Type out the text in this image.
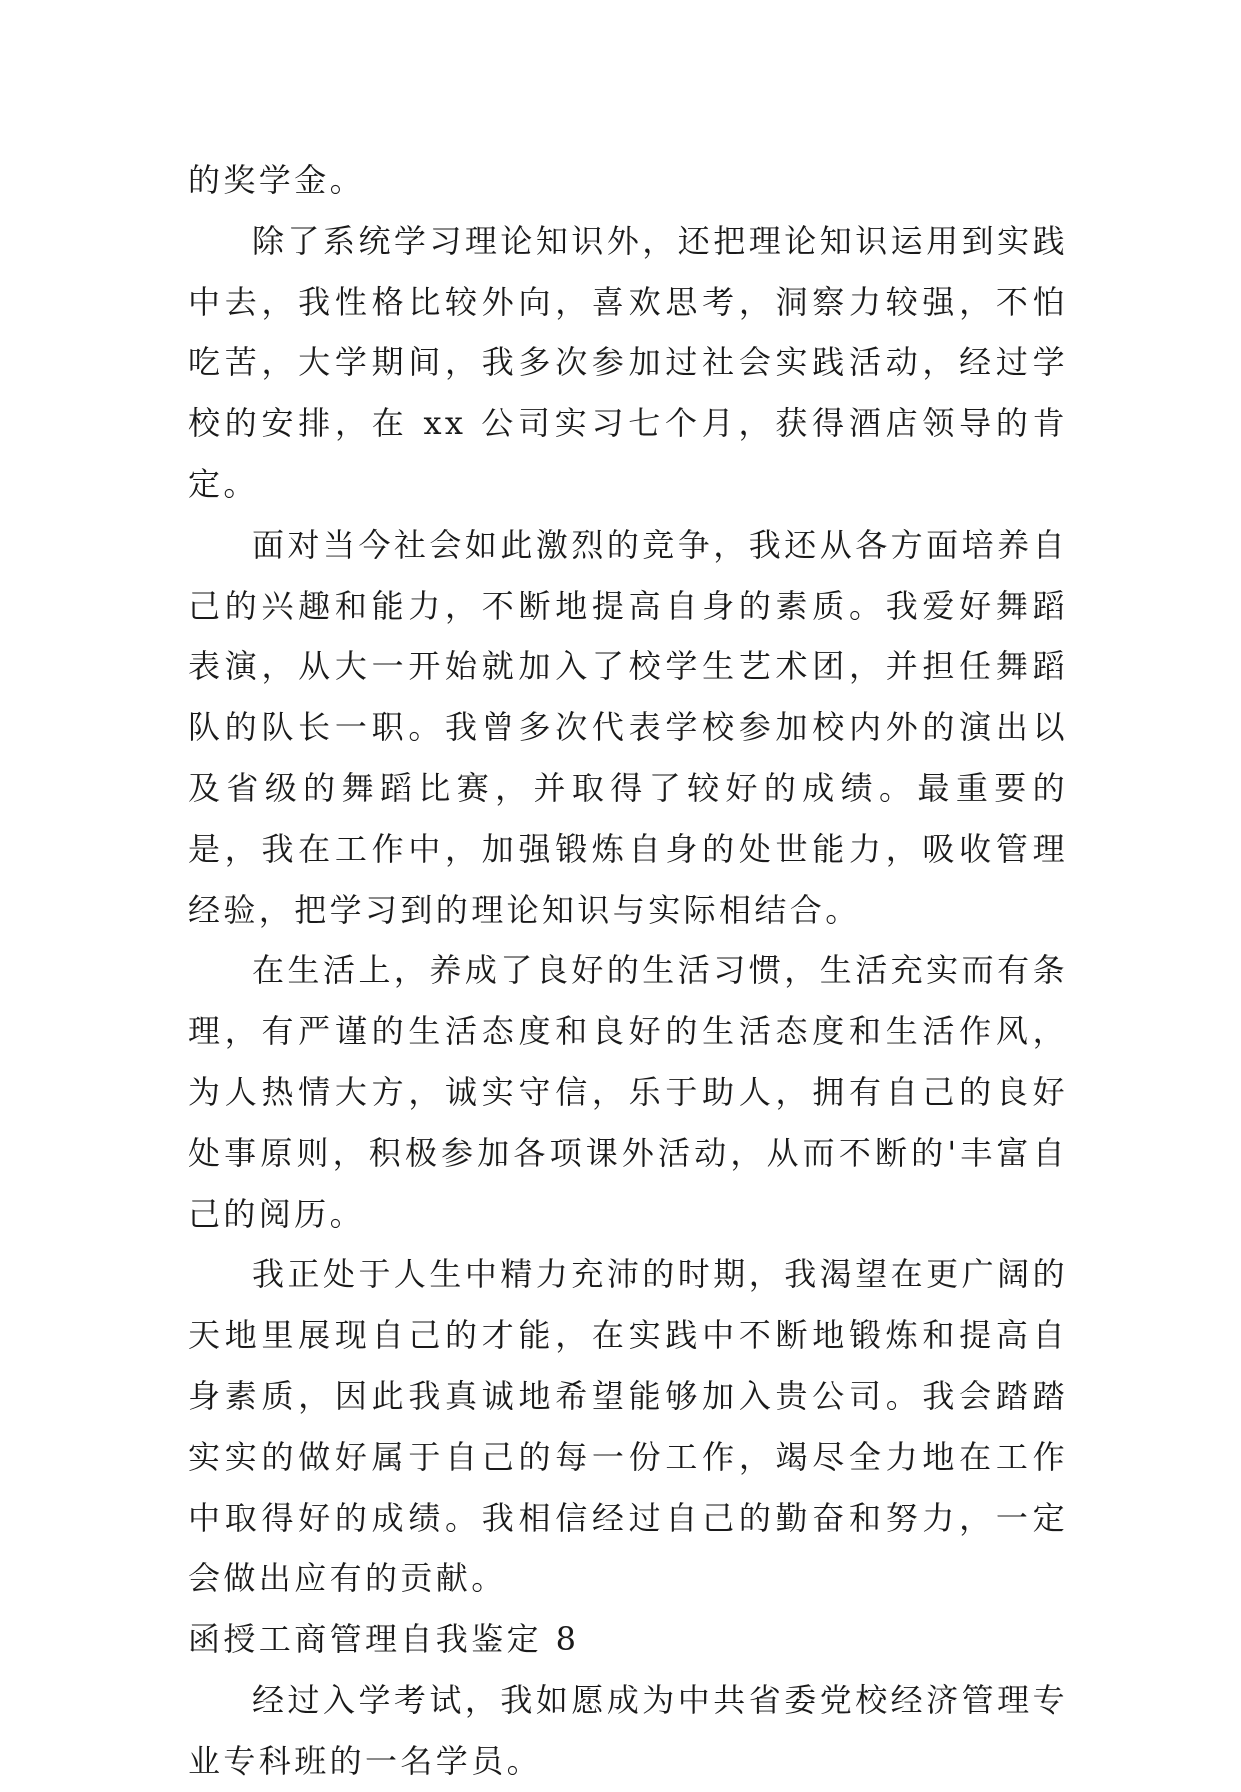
的奖学金。

除了系统学习理论知识外，还把理论知识运用到实践中去，我性格比较外向，喜欢思考，洞察力较强，不怕吃苦，大学期间，我多次参加过社会实践活动，经过学校的安排，在 xx 公司实习七个月，获得酒店领导的肯定。

面对当今社会如此激烈的竞争，我还从各方面培养自己的兴趣和能力，不断地提高自身的素质。我爱好舞蹈表演，从大一开始就加入了校学生艺术团，并担任舞蹈队的队长一职。我曾多次代表学校参加校内外的演出以及省级的舞蹈比赛，并取得了较好的成绩。最重要的是，我在工作中，加强锻炼自身的处世能力，吸收管理经验，把学习到的理论知识与实际相结合。

在生活上，养成了良好的生活习惯，生活充实而有条理，有严谨的生活态度和良好的生活态度和生活作风，为人热情大方，诚实守信，乐于助人，拥有自己的良好处事原则，积极参加各项课外活动，从而不断的'丰富自己的阅历。

我正处于人生中精力充沛的时期，我渴望在更广阔的天地里展现自己的才能，在实践中不断地锻炼和提高自身素质，因此我真诚地希望能够加入贵公司。我会踏踏实实的做好属于自己的每一份工作，竭尽全力地在工作中取得好的成绩。我相信经过自己的勤奋和努力，一定会做出应有的贡献。

函授工商管理自我鉴定 8

经过入学考试，我如愿成为中共省委党校经济管理专业专科班的一名学员。
